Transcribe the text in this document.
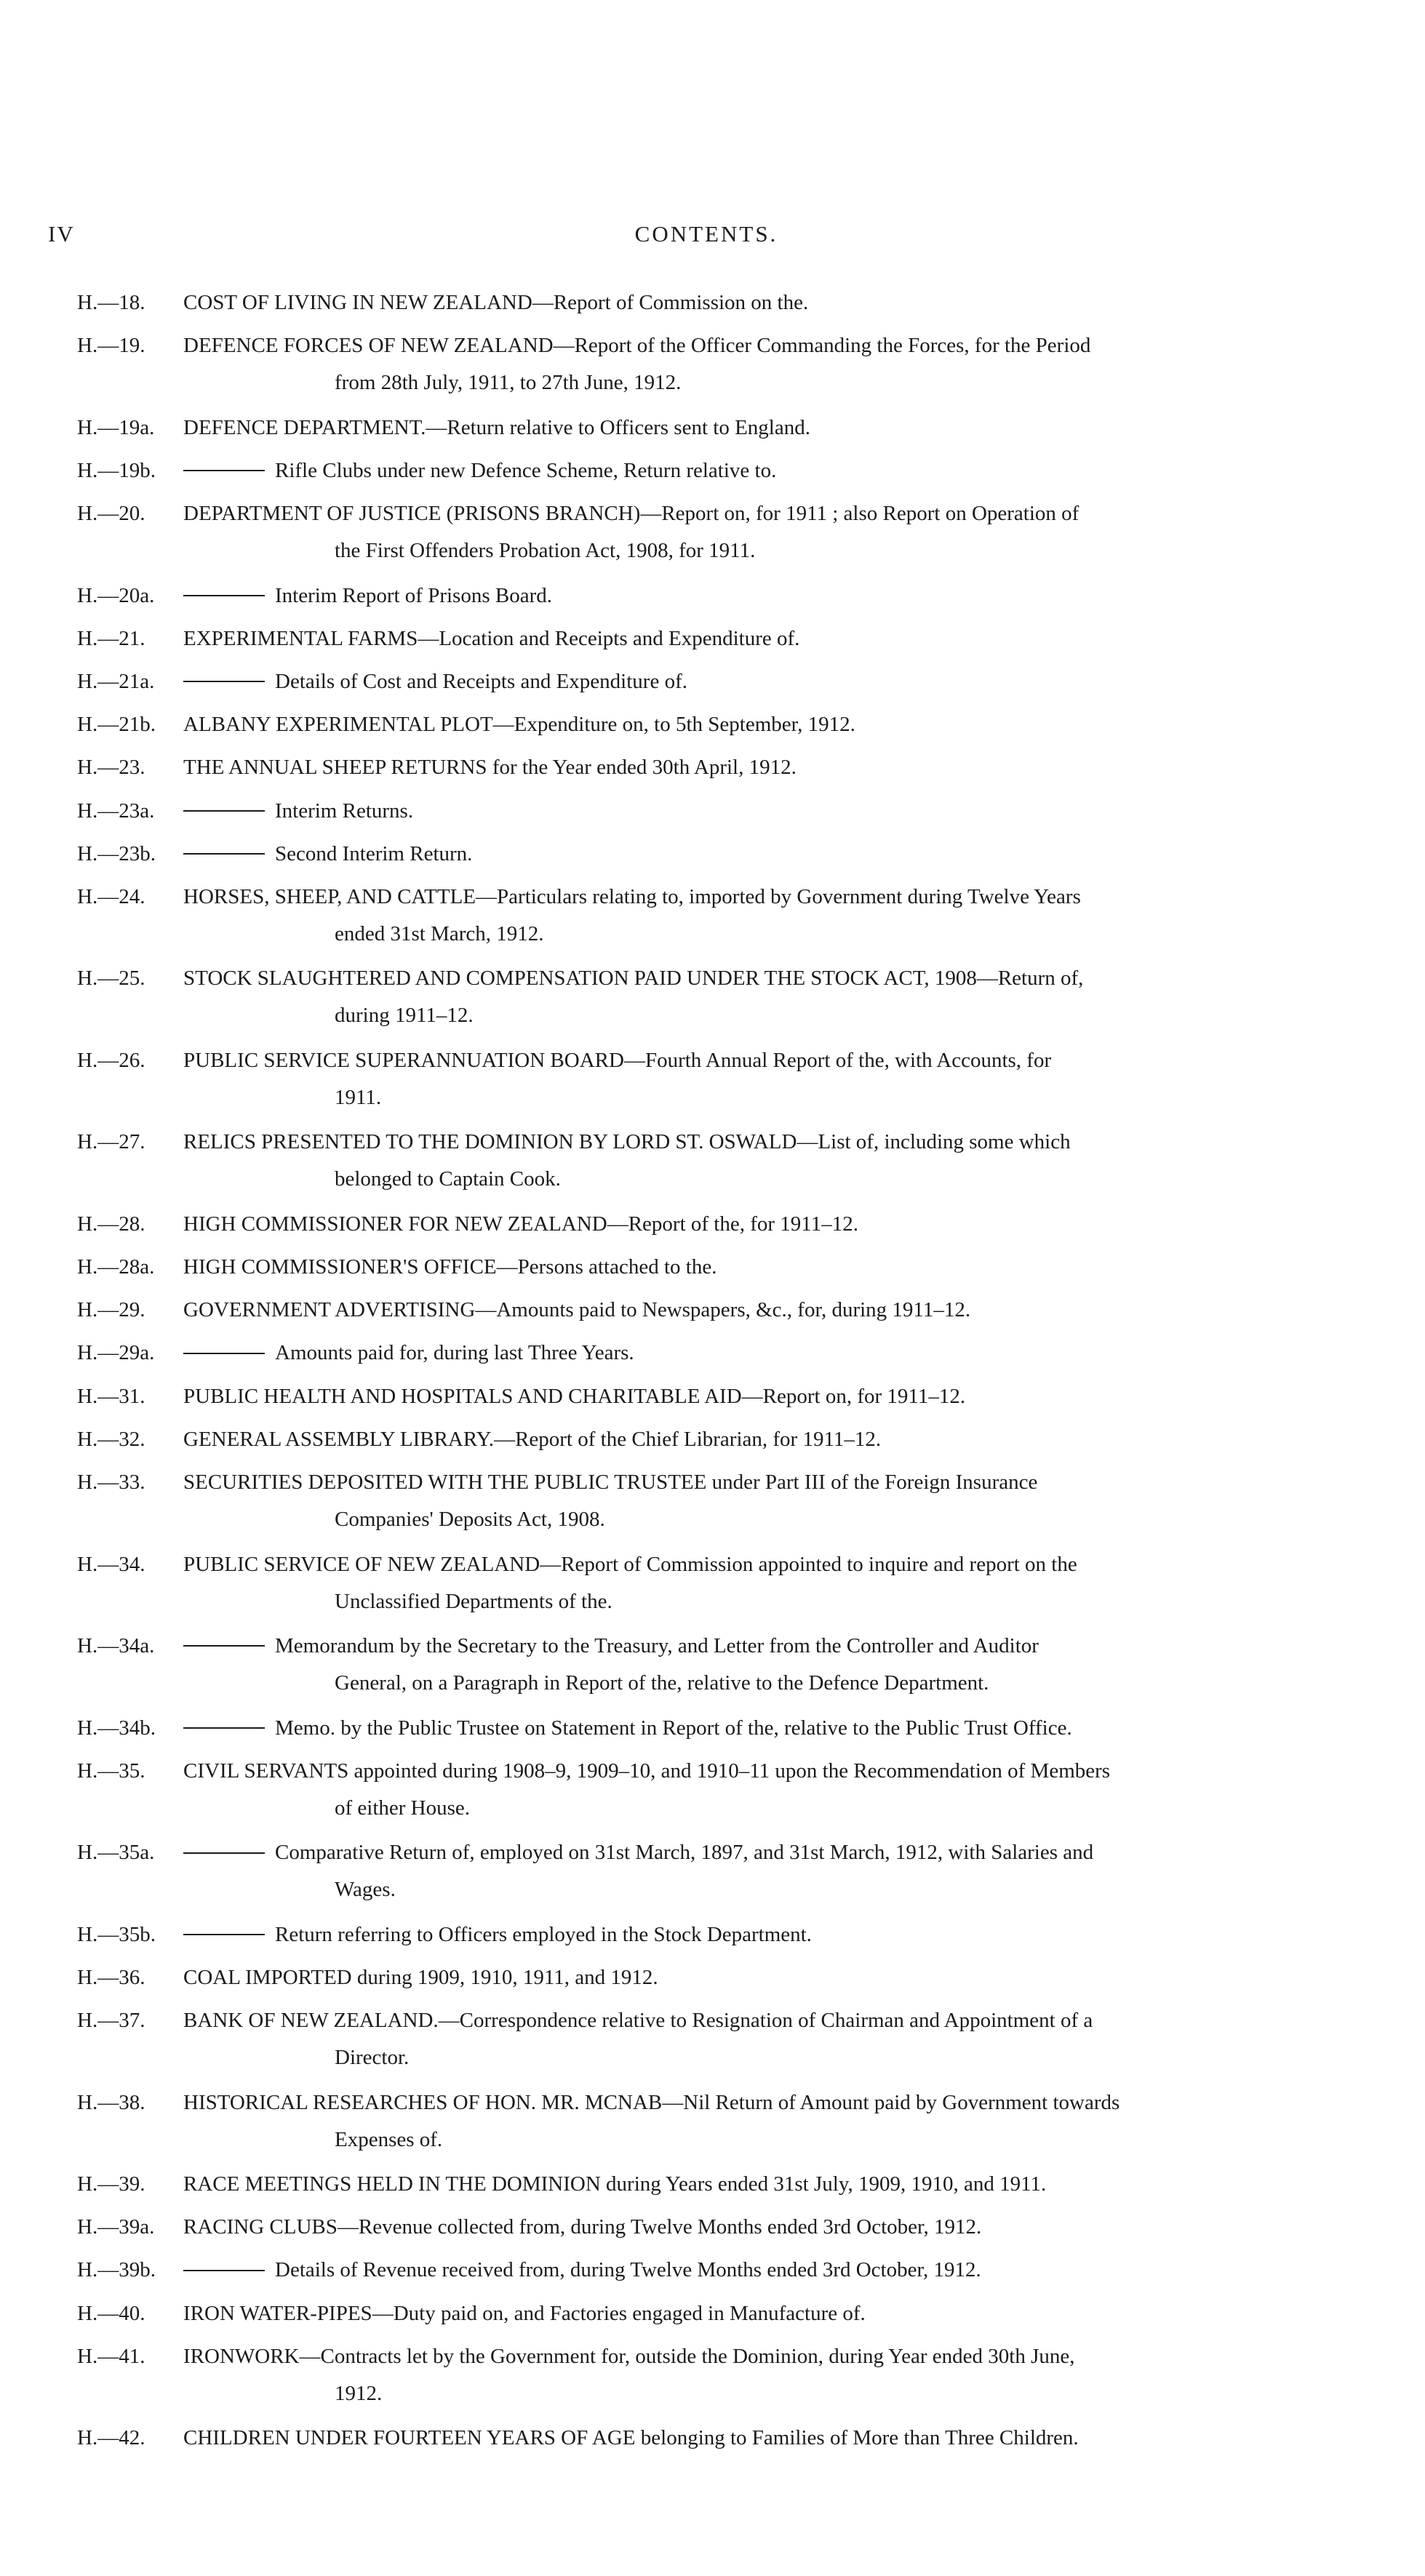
IV	CONTENTS.
H.—18.	COST OF LIVING IN NEW ZEALAND—Report of Commission on the.
H.—19.	DEFENCE FORCES OF NEW ZEALAND—Report of the Officer Commanding the Forces, for the Period
from 28th July, 1911, to 27th June, 1912.
H.—19a.	DEFENCE DEPARTMENT.—Return relative to Officers sent to England.
H.—19b.	Rifle Clubs under new Defence Scheme, Return relative to.
H.—20.	DEPARTMENT OF JUSTICE (PRISONS BRANCH)—Report on, for 1911 ; also Report on Operation of
the First Offenders Probation Act, 1908, for 1911.
H.—20a.	Interim Report of Prisons Board.
H.—21.	EXPERIMENTAL FARMS—Location and Receipts and Expenditure of.
H.—21a.	Details of Cost and Receipts and Expenditure of.
H.—21b.	ALBANY EXPERIMENTAL PLOT—Expenditure on, to 5th September, 1912.
H.—23.	THE ANNUAL SHEEP RETURNS for the Year ended 30th April, 1912.
H.—23a.	Interim Returns.
H.—23b.	Second Interim Return.
H.—24.	HORSES, SHEEP, AND CATTLE—Particulars relating to, imported by Government during Twelve Years
ended 31st March, 1912.
H.—25.	STOCK SLAUGHTERED AND COMPENSATION PAID UNDER THE STOCK ACT, 1908—Return of,
during 1911–12.
H.—26.	PUBLIC SERVICE SUPERANNUATION BOARD—Fourth Annual Report of the, with Accounts, for
1911.
H.—27.	RELICS PRESENTED TO THE DOMINION BY LORD ST. OSWALD—List of, including some which
belonged to Captain Cook.
H.—28.	HIGH COMMISSIONER FOR NEW ZEALAND—Report of the, for 1911–12.
H.—28a.	HIGH COMMISSIONER'S OFFICE—Persons attached to the.
H.—29.	GOVERNMENT ADVERTISING—Amounts paid to Newspapers, &c., for, during 1911–12.
H.—29a.	Amounts paid for, during last Three Years.
H.—31.	PUBLIC HEALTH AND HOSPITALS AND CHARITABLE AID—Report on, for 1911–12.
H.—32.	GENERAL ASSEMBLY LIBRARY.—Report of the Chief Librarian, for 1911–12.
H.—33.	SECURITIES DEPOSITED WITH THE PUBLIC TRUSTEE under Part III of the Foreign Insurance
Companies' Deposits Act, 1908.
H.—34.	PUBLIC SERVICE OF NEW ZEALAND—Report of Commission appointed to inquire and report on the
Unclassified Departments of the.
H.—34a.	Memorandum by the Secretary to the Treasury, and Letter from the Controller and Auditor
General, on a Paragraph in Report of the, relative to the Defence Department.
H.—34b.	Memo. by the Public Trustee on Statement in Report of the, relative to the Public Trust Office.
H.—35.	CIVIL SERVANTS appointed during 1908–9, 1909–10, and 1910–11 upon the Recommendation of Members
of either House.
H.—35a.	Comparative Return of, employed on 31st March, 1897, and 31st March, 1912, with Salaries and
Wages.
H.—35b.	Return referring to Officers employed in the Stock Department.
H.—36.	COAL IMPORTED during 1909, 1910, 1911, and 1912.
H.—37.	BANK OF NEW ZEALAND.—Correspondence relative to Resignation of Chairman and Appointment of a
Director.
H.—38.	HISTORICAL RESEARCHES OF HON. MR. MCNAB—Nil Return of Amount paid by Government towards
Expenses of.
H.—39.	RACE MEETINGS HELD IN THE DOMINION during Years ended 31st July, 1909, 1910, and 1911.
H.—39a.	RACING CLUBS—Revenue collected from, during Twelve Months ended 3rd October, 1912.
H.—39b.	Details of Revenue received from, during Twelve Months ended 3rd October, 1912.
H.—40.	IRON WATER-PIPES—Duty paid on, and Factories engaged in Manufacture of.
H.—41.	IRONWORK—Contracts let by the Government for, outside the Dominion, during Year ended 30th June,
1912.
H.—42.	CHILDREN UNDER FOURTEEN YEARS OF AGE belonging to Families of More than Three Children.
